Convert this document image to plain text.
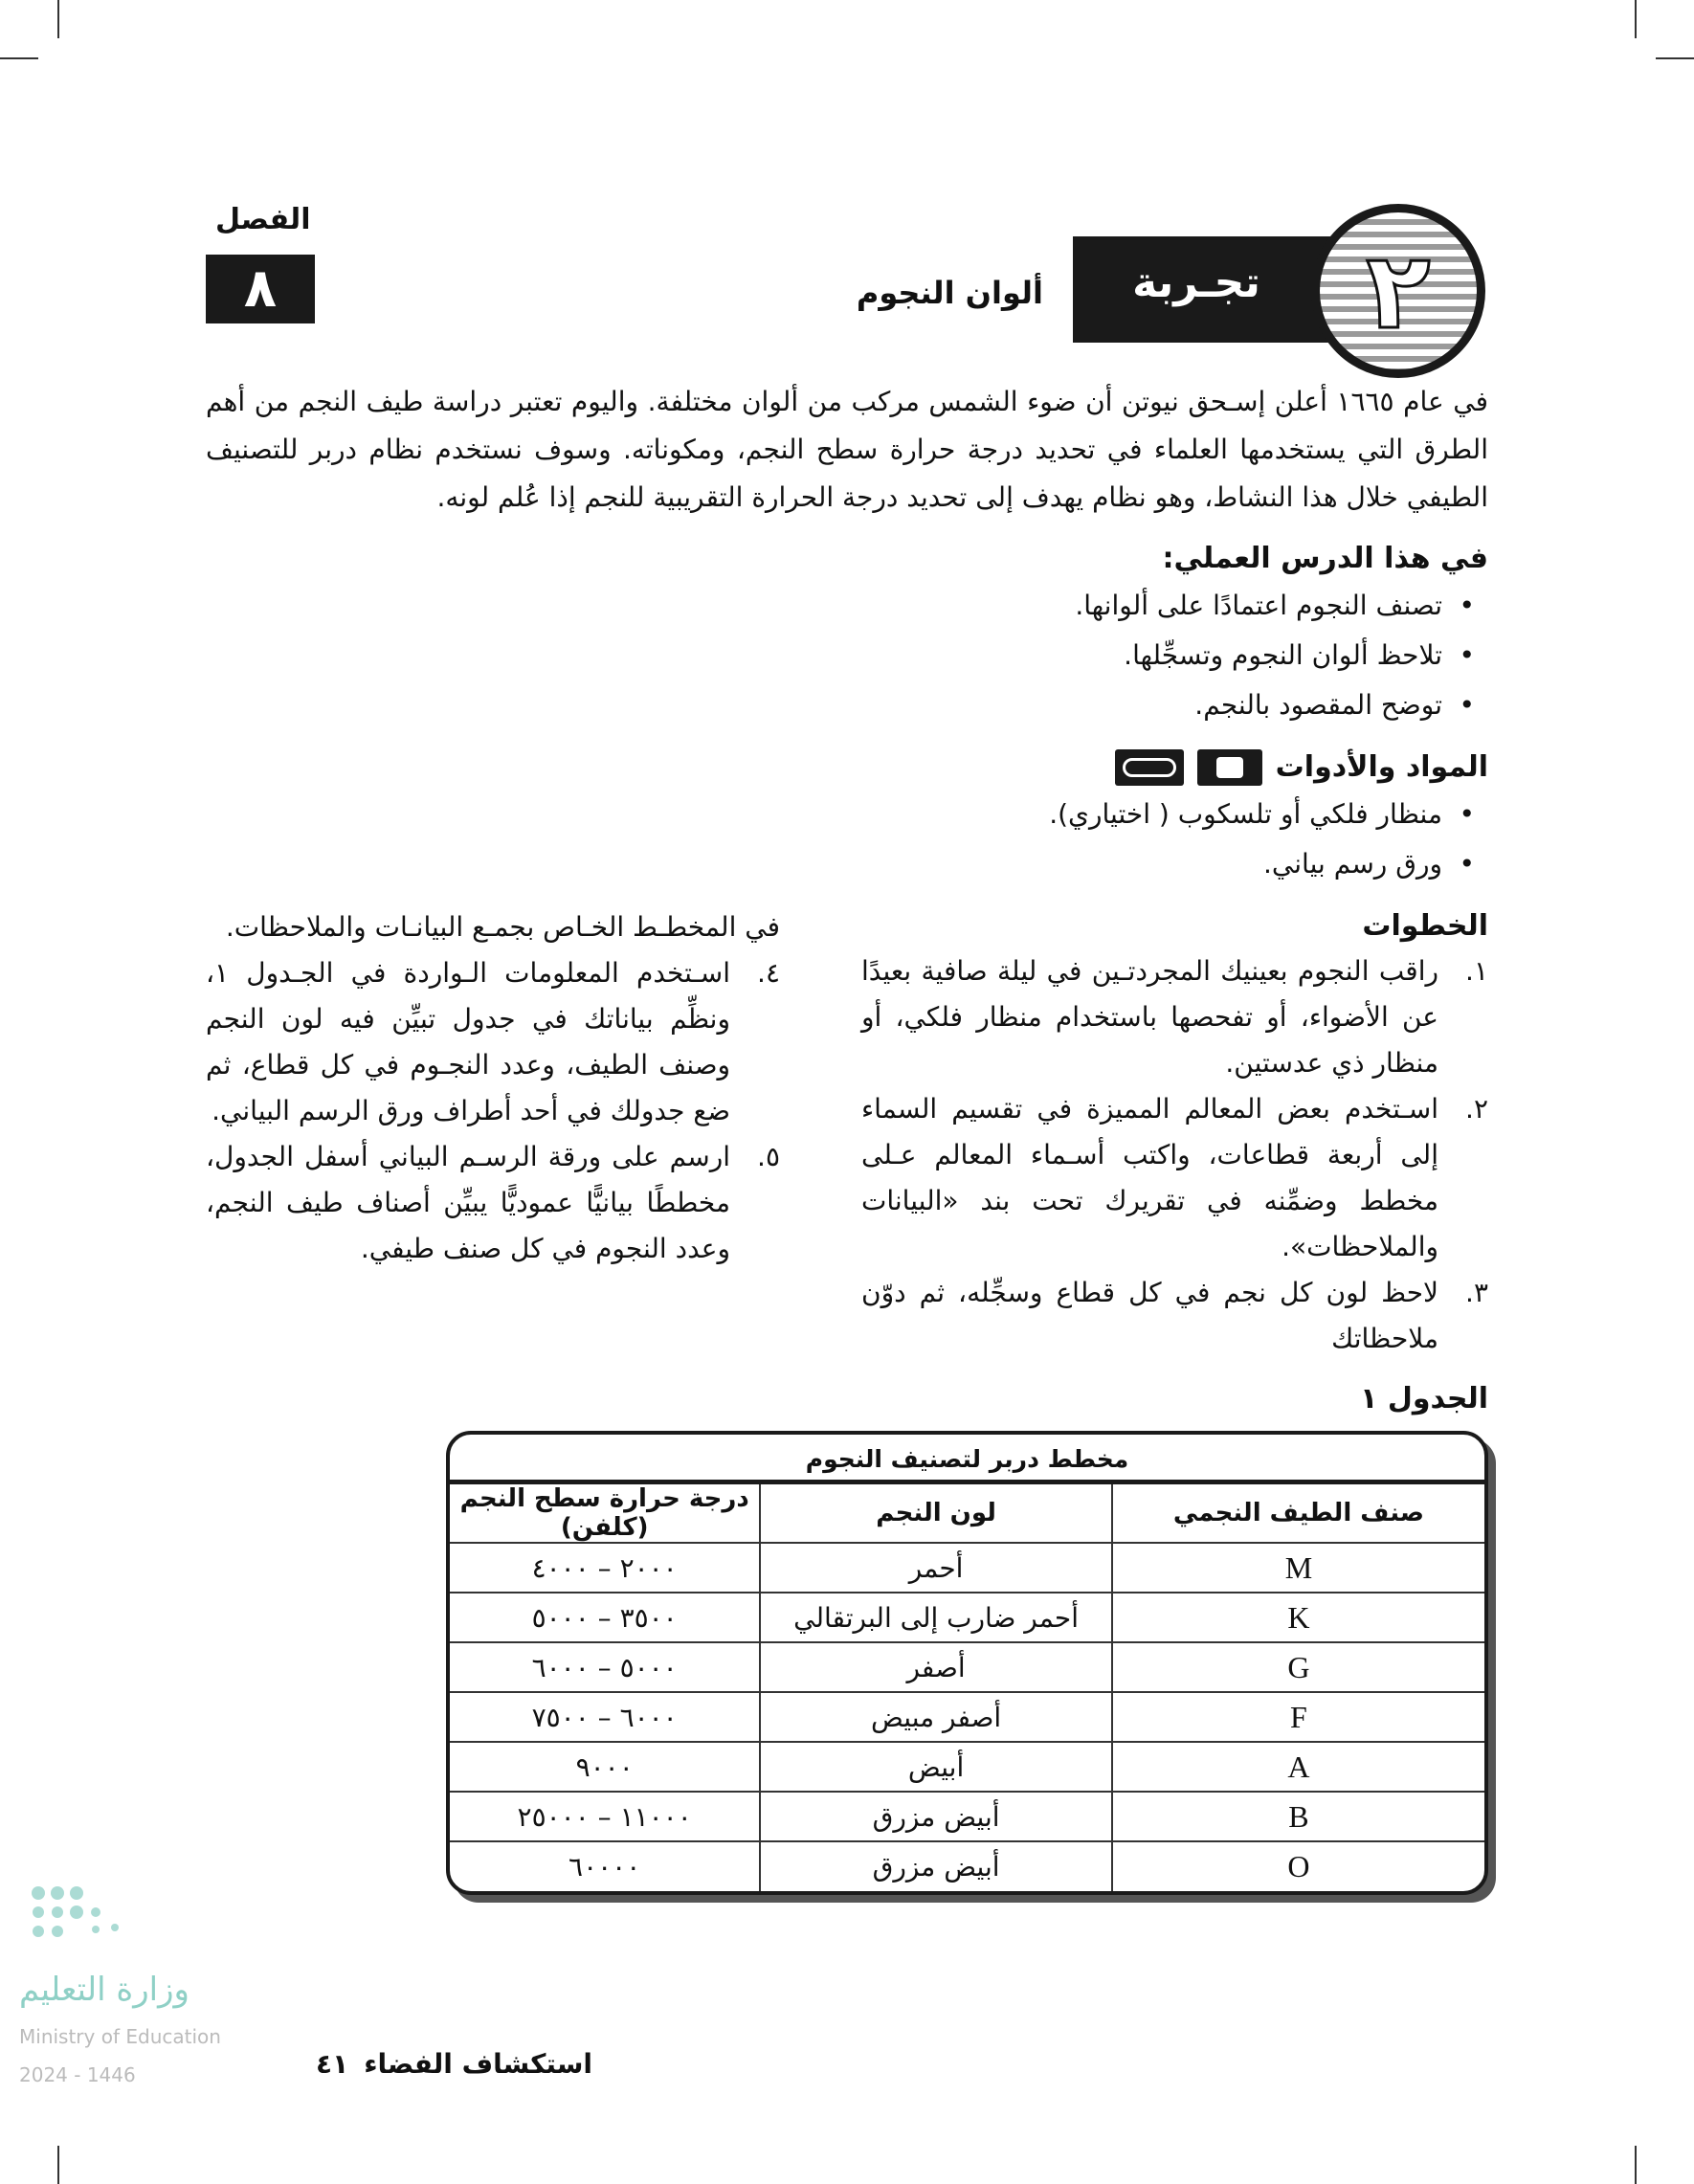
الفصل
٨	تجـربة	٢
ألوان النجوم

في عام ١٦٦٥ أعلن إسـحق نيوتن أن ضوء الشمس مركب من ألوان مختلفة. واليوم تعتبر دراسة طيف النجم من أهم الطرق التي يستخدمها العلماء في تحديد درجة حرارة سطح النجم، ومكوناته. وسوف نستخدم نظام دربر للتصنيف الطيفي خلال هذا النشاط، وهو نظام يهدف إلى تحديد درجة الحرارة التقريبية للنجم إذا عُلم لونه.

في هذا الدرس العملي:
• تصنف النجوم اعتمادًا على ألوانها.
• تلاحظ ألوان النجوم وتسجِّلها.
• توضح المقصود بالنجم.
المواد والأدوات
• منظار فلكي أو تلسكوب ( اختياري).
• ورق رسم بياني.
الخطوات
١.
راقب النجوم بعينيك المجردتـين في ليلة صافية بعيدًا عن الأضواء، أو تفحصها باستخدام منظار فلكي، أو منظار ذي عدستين.
٢.
اسـتخدم بعض المعالم المميزة في تقسيم السماء إلى أربعة قطاعات، واكتب أسـماء المعالم عـلى مخطط وضمِّنه في تقريرك تحت بند «البيانات والملاحظات».
٣.
لاحظ لون كل نجم في كل قطاع وسجِّله، ثم دوّن ملاحظاتك

في المخطـط الخـاص بجمـع البيانـات والملاحظات.

٤.
اسـتخدم المعلومات الـواردة في الجـدول ١، ونظِّم بياناتك في جدول تبيِّن فيه لون النجم وصنف الطيف، وعدد النجـوم في كل قطاع، ثم ضع جدولك في أحد أطراف ورق الرسم البياني.
٥.
ارسم على ورقة الرسـم البياني أسفل الجدول، مخططًا بيانيًّا عموديًّا يبيِّن أصناف طيف النجم، وعدد النجوم في كل صنف طيفي.
الجدول ١
مخطط دربر لتصنيف النجوم
صنف الطيف النجمي	لون النجم	درجة حرارة سطح النجم (كلفن)
M	أحمر	٢٠٠٠ – ٤٠٠٠
K	أحمر ضارب إلى البرتقالي	٣٥٠٠ – ٥٠٠٠
G	أصفر	٥٠٠٠ – ٦٠٠٠
F	أصفر مبيض	٦٠٠٠ – ٧٥٠٠
A	أبيض	٩٠٠٠
B	أبيض مزرق	١١٠٠٠ – ٢٥٠٠٠
O	أبيض مزرق	٦٠٠٠٠
وزارة التعليم
Ministry of Education
2024 - 1446	استكشاف الفضاء
٤١
